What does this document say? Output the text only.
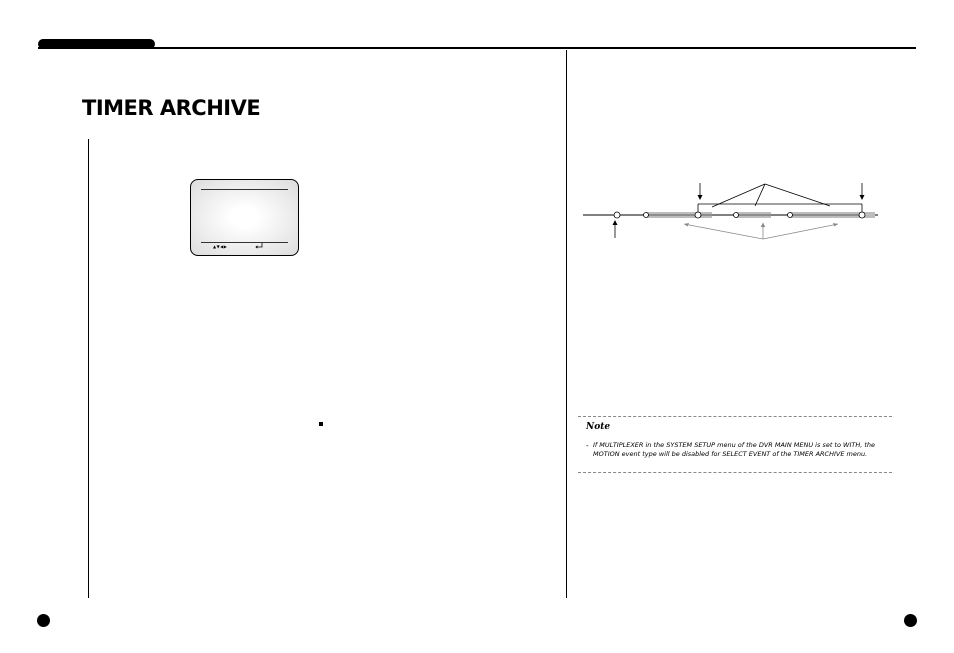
TIMER ARCHIVE
▲▼◀▶
Note
- If MULTIPLEXER in the SYSTEM SETUP menu of the DVR MAIN MENU is set to WITH, the MOTION event type will be disabled for SELECT EVENT of the TIMER ARCHIVE menu.
